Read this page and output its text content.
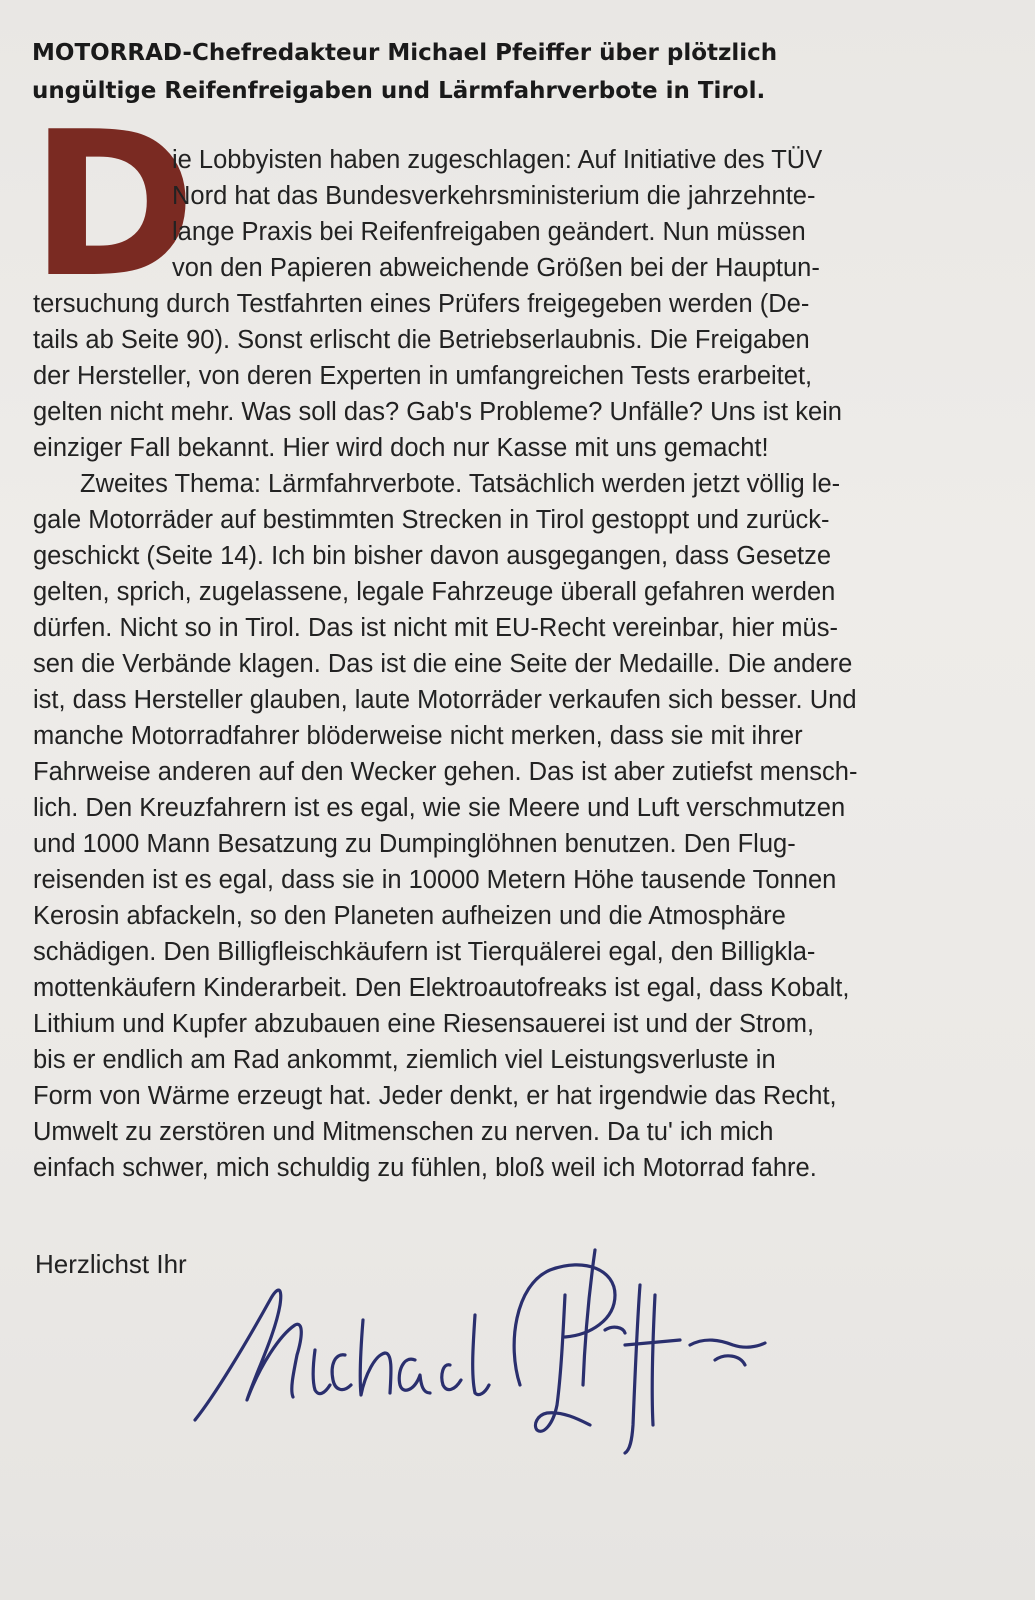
MOTORRAD-Chefredakteur Michael Pfeiffer über plötzlich
ungültige Reifenfreigaben und Lärmfahrverbote in Tirol.
D
ie Lobbyisten haben zugeschlagen: Auf Initiative des TÜV
Nord hat das Bundesverkehrsministerium die jahrzehnte-
lange Praxis bei Reifenfreigaben geändert. Nun müssen
von den Papieren abweichende Größen bei der Hauptun-
tersuchung durch Testfahrten eines Prüfers freigegeben werden (De-
tails ab Seite 90). Sonst erlischt die Betriebserlaubnis. Die Freigaben
der Hersteller, von deren Experten in umfangreichen Tests erarbeitet,
gelten nicht mehr. Was soll das? Gab's Probleme? Unfälle? Uns ist kein
einziger Fall bekannt. Hier wird doch nur Kasse mit uns gemacht!
Zweites Thema: Lärmfahrverbote. Tatsächlich werden jetzt völlig le-
gale Motorräder auf bestimmten Strecken in Tirol gestoppt und zurück-
geschickt (Seite 14). Ich bin bisher davon ausgegangen, dass Gesetze
gelten, sprich, zugelassene, legale Fahrzeuge überall gefahren werden
dürfen. Nicht so in Tirol. Das ist nicht mit EU-Recht vereinbar, hier müs-
sen die Verbände klagen. Das ist die eine Seite der Medaille. Die andere
ist, dass Hersteller glauben, laute Motorräder verkaufen sich besser. Und
manche Motorradfahrer blöderweise nicht merken, dass sie mit ihrer
Fahrweise anderen auf den Wecker gehen. Das ist aber zutiefst mensch-
lich. Den Kreuzfahrern ist es egal, wie sie Meere und Luft verschmutzen
und 1000 Mann Besatzung zu Dumpinglöhnen benutzen. Den Flug-
reisenden ist es egal, dass sie in 10000 Metern Höhe tausende Tonnen
Kerosin abfackeln, so den Planeten aufheizen und die Atmosphäre
schädigen. Den Billigfleischkäufern ist Tierquälerei egal, den Billigkla-
mottenkäufern Kinderarbeit. Den Elektroautofreaks ist egal, dass Kobalt,
Lithium und Kupfer abzubauen eine Riesensauerei ist und der Strom,
bis er endlich am Rad ankommt, ziemlich viel Leistungsverluste in
Form von Wärme erzeugt hat. Jeder denkt, er hat irgendwie das Recht,
Umwelt zu zerstören und Mitmenschen zu nerven. Da tu' ich mich
einfach schwer, mich schuldig zu fühlen, bloß weil ich Motorrad fahre.
Herzlichst Ihr
